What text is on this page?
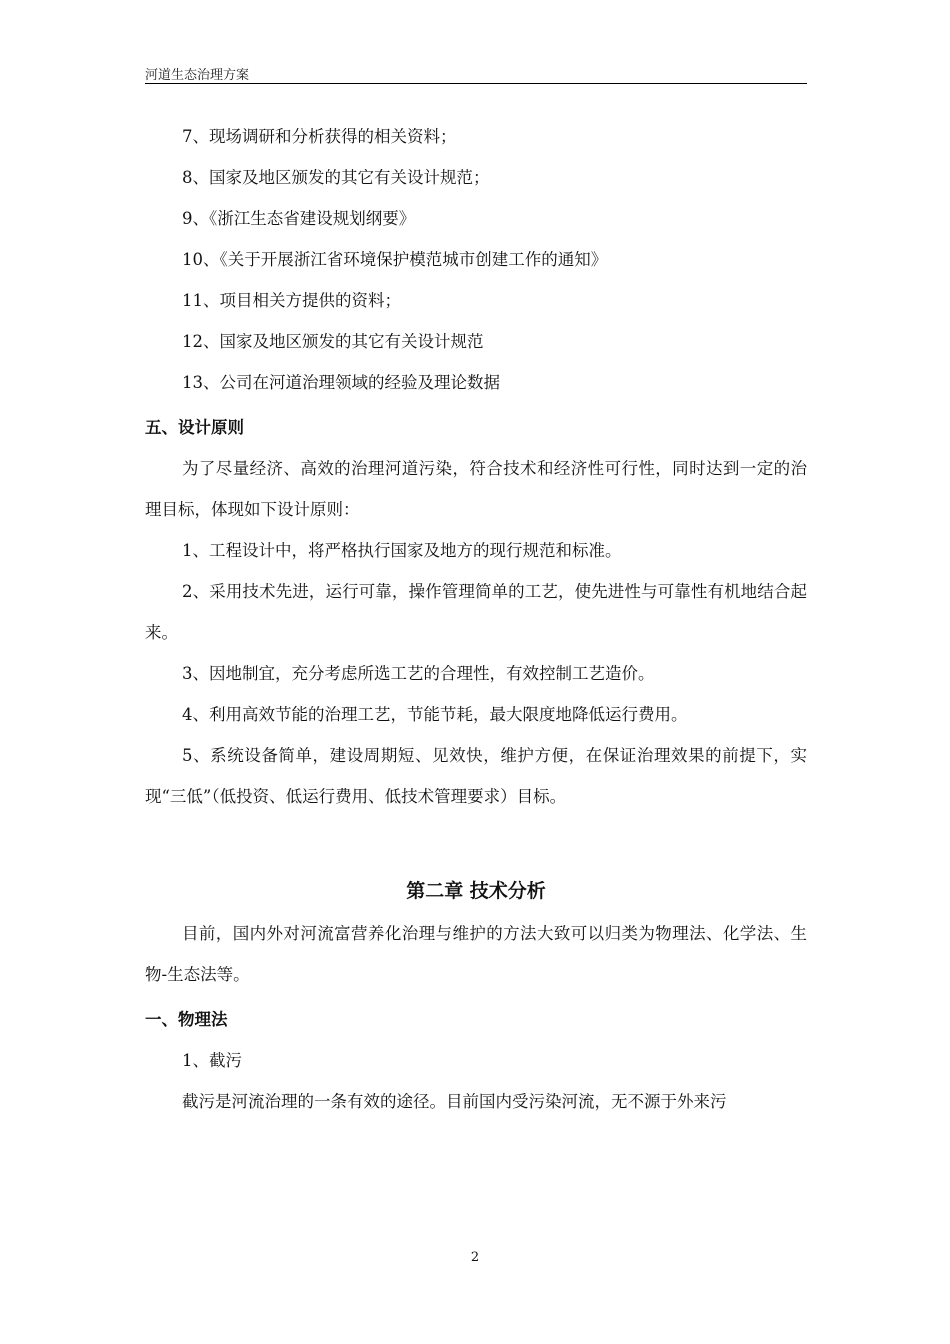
河道生态治理方案

7、现场调研和分析获得的相关资料；

8、国家及地区颁发的其它有关设计规范；

9、《浙江生态省建设规划纲要》

10、《关于开展浙江省环境保护模范城市创建工作的通知》

11、项目相关方提供的资料；

12、国家及地区颁发的其它有关设计规范

13、公司在河道治理领域的经验及理论数据

五、设计原则

为了尽量经济、高效的治理河道污染，符合技术和经济性可行性，同时达到一定的治理目标，体现如下设计原则：

1、工程设计中，将严格执行国家及地方的现行规范和标准。

2、采用技术先进，运行可靠，操作管理简单的工艺，使先进性与可靠性有机地结合起来。

3、因地制宜，充分考虑所选工艺的合理性，有效控制工艺造价。

4、利用高效节能的治理工艺，节能节耗，最大限度地降低运行费用。

5、系统设备简单，建设周期短、见效快，维护方便，在保证治理效果的前提下，实现“三低”（低投资、低运行费用、低技术管理要求）目标。

第二章 技术分析

目前，国内外对河流富营养化治理与维护的方法大致可以归类为物理法、化学法、生物-生态法等。

一、物理法

1、截污

截污是河流治理的一条有效的途径。目前国内受污染河流，无不源于外来污

2
